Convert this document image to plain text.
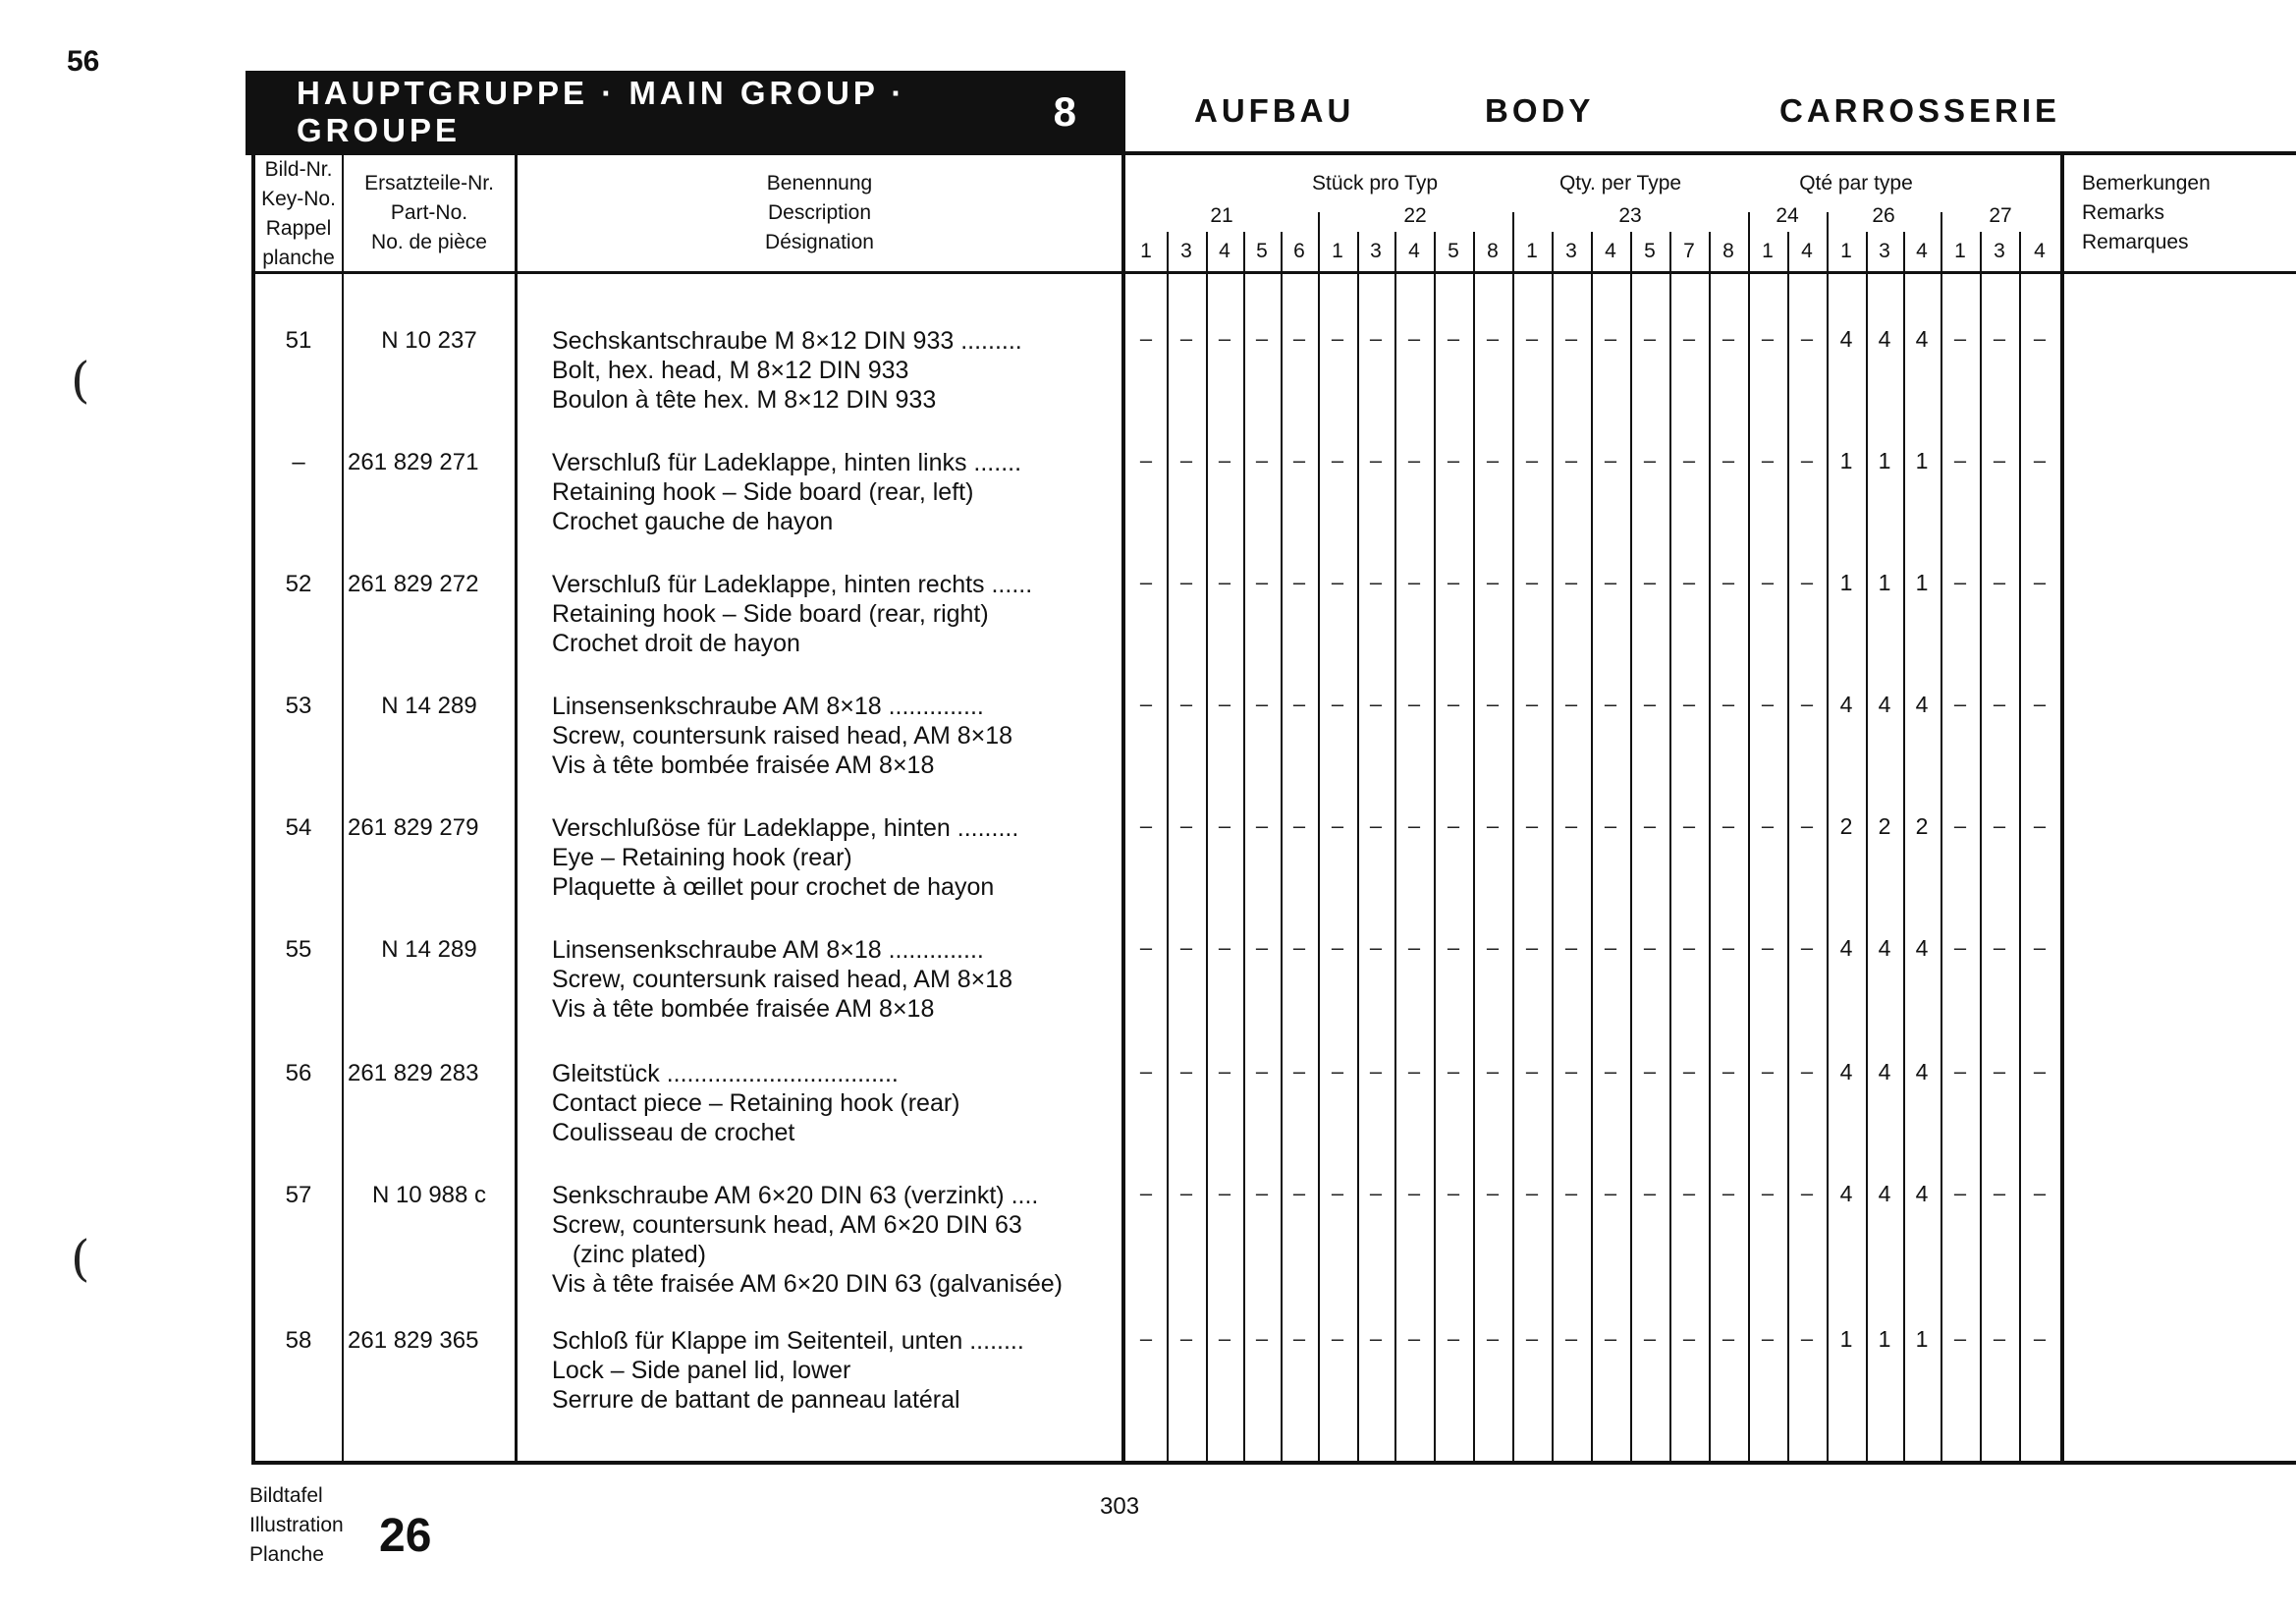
56
(
(
HAUPTGRUPPE · MAIN GROUP · GROUPE	8	AUFBAU	BODY	CARROSSERIE
Bild-Nr.
Key-No.
Rappel
planche
Ersatzteile-Nr.
Part-No.
No. de pièce
Benennung
Description
Désignation
Stück pro Typ	Qty. per Type	Qté par type	Bemerkungen
Remarks
Remarques
21	22	23	24	26	27
1	3	4	5	6	1	3	4	5	8	1	3	4	5	7	8	1	4	1	3	4	1	3	4
51	N 10 237	Sechskantschraube M 8×12 DIN 933 .........
Bolt, hex. head, M 8×12 DIN 933
Boulon à tête hex. M 8×12 DIN 933
–	–	–	–	–	–	–	–	–	–	–	–	–	–	–	–	–	–	4	4	4	–	–	–
–	261 829 271	Verschluß für Ladeklappe, hinten links .......
Retaining hook – Side board (rear, left)
Crochet gauche de hayon
–	–	–	–	–	–	–	–	–	–	–	–	–	–	–	–	–	–	1	1	1	–	–	–
52	261 829 272	Verschluß für Ladeklappe, hinten rechts ......
Retaining hook – Side board (rear, right)
Crochet droit de hayon
–	–	–	–	–	–	–	–	–	–	–	–	–	–	–	–	–	–	1	1	1	–	–	–
53	N 14 289	Linsensenkschraube AM 8×18 ..............
Screw, countersunk raised head, AM 8×18
Vis à tête bombée fraisée AM 8×18
–	–	–	–	–	–	–	–	–	–	–	–	–	–	–	–	–	–	4	4	4	–	–	–
54	261 829 279	Verschlußöse für Ladeklappe, hinten .........
Eye – Retaining hook (rear)
Plaquette à œillet pour crochet de hayon
–	–	–	–	–	–	–	–	–	–	–	–	–	–	–	–	–	–	2	2	2	–	–	–
55	N 14 289	Linsensenkschraube AM 8×18 ..............
Screw, countersunk raised head, AM 8×18
Vis à tête bombée fraisée AM 8×18
–	–	–	–	–	–	–	–	–	–	–	–	–	–	–	–	–	–	4	4	4	–	–	–
56	261 829 283	Gleitstück ..................................
Contact piece – Retaining hook (rear)
Coulisseau de crochet
–	–	–	–	–	–	–	–	–	–	–	–	–	–	–	–	–	–	4	4	4	–	–	–
57	N 10 988 c	Senkschraube AM 6×20 DIN 63 (verzinkt) ....
Screw, countersunk head, AM 6×20 DIN 63
(zinc plated)
Vis à tête fraisée AM 6×20 DIN 63 (galvanisée)
–	–	–	–	–	–	–	–	–	–	–	–	–	–	–	–	–	–	4	4	4	–	–	–
58	261 829 365	Schloß für Klappe im Seitenteil, unten ........
Lock – Side panel lid, lower
Serrure de battant de panneau latéral
–	–	–	–	–	–	–	–	–	–	–	–	–	–	–	–	–	–	1	1	1	–	–	–
Bildtafel
Illustration
Planche	26
303
